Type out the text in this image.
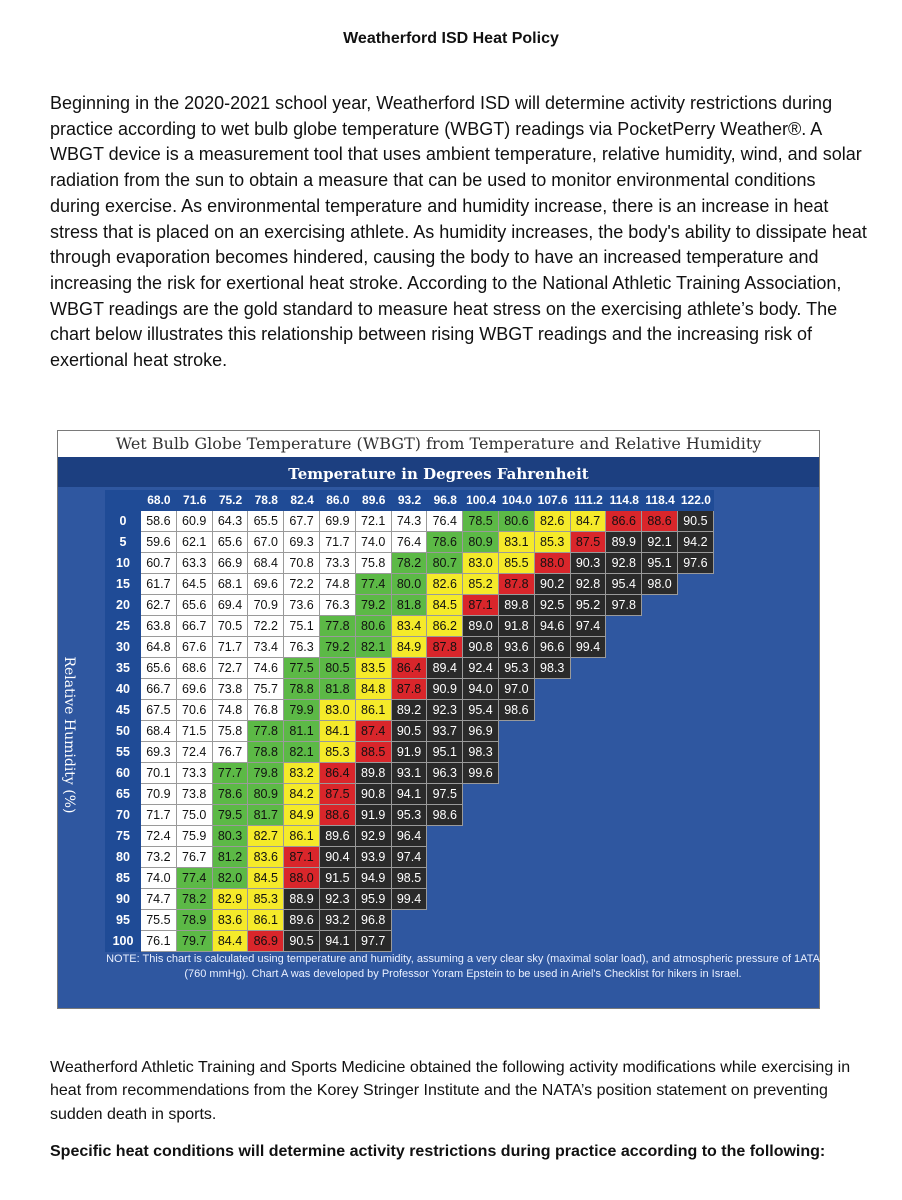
Weatherford ISD Heat Policy

Beginning in the 2020-2021 school year, Weatherford ISD will determine activity restrictions during practice according to wet bulb globe temperature (WBGT) readings via PocketPerry Weather®. A WBGT device is a measurement tool that uses ambient temperature, relative humidity, wind, and solar radiation from the sun to obtain a measure that can be used to monitor environmental conditions during exercise. As environmental temperature and humidity increase, there is an increase in heat stress that is placed on an exercising athlete. As humidity increases, the body's ability to dissipate heat through evaporation becomes hindered, causing the body to have an increased temperature and increasing the risk for exertional heat stroke. According to the National Athletic Training Association, WBGT readings are the gold standard to measure heat stress on the exercising athlete’s body. The chart below illustrates this relationship between rising WBGT readings and the increasing risk of exertional heat stroke.

Wet Bulb Globe Temperature (WBGT) from Temperature and Relative Humidity
Temperature in Degrees Fahrenheit
Relative Humidity (%)
68.0	71.6	75.2	78.8	82.4	86.0	89.6	93.2	96.8 100.4 104.0 107.6 111.2 114.8 118.4 122.0
0	58.6 60.9 64.3 65.5 67.7 69.9 72.1 74.3 76.4 78.5 80.6 82.6 84.7 86.6 88.6 90.5
5	59.6 62.1 65.6 67.0 69.3 71.7 74.0 76.4 78.6 80.9 83.1 85.3 87.5 89.9 92.1 94.2
10	60.7 63.3 66.9 68.4 70.8 73.3 75.8 78.2 80.7 83.0 85.5 88.0 90.3 92.8 95.1 97.6
15	61.7 64.5 68.1 69.6 72.2 74.8 77.4 80.0 82.6 85.2 87.8 90.2 92.8 95.4 98.0
20	62.7 65.6 69.4 70.9 73.6 76.3 79.2 81.8 84.5 87.1 89.8 92.5 95.2 97.8
25	63.8 66.7 70.5 72.2 75.1 77.8 80.6 83.4 86.2 89.0 91.8 94.6 97.4
30	64.8 67.6 71.7 73.4 76.3 79.2 82.1 84.9 87.8 90.8 93.6 96.6 99.4
35	65.6 68.6 72.7 74.6 77.5 80.5 83.5 86.4 89.4 92.4 95.3 98.3
40	66.7 69.6 73.8 75.7 78.8 81.8 84.8 87.8 90.9 94.0 97.0
45	67.5 70.6 74.8 76.8 79.9 83.0 86.1 89.2 92.3 95.4 98.6
50	68.4 71.5 75.8 77.8 81.1 84.1 87.4 90.5 93.7 96.9
55	69.3 72.4 76.7 78.8 82.1 85.3 88.5 91.9 95.1 98.3
60	70.1 73.3 77.7 79.8 83.2 86.4 89.8 93.1 96.3 99.6
65	70.9 73.8 78.6 80.9 84.2 87.5 90.8 94.1 97.5
70	71.7 75.0 79.5 81.7 84.9 88.6 91.9 95.3 98.6
75	72.4 75.9 80.3 82.7 86.1 89.6 92.9 96.4
80	73.2 76.7 81.2 83.6 87.1 90.4 93.9 97.4
85	74.0 77.4 82.0 84.5 88.0 91.5 94.9 98.5
90	74.7 78.2 82.9 85.3 88.9 92.3 95.9 99.4
95	75.5 78.9 83.6 86.1 89.6 93.2 96.8
100	76.1 79.7 84.4 86.9 90.5 94.1 97.7
NOTE: This chart is calculated using temperature and humidity, assuming a very clear sky (maximal solar load), and atmospheric pressure of 1ATA (760 mmHg). Chart A was developed by Professor Yoram Epstein to be used in Ariel's Checklist for hikers in Israel.

Weatherford Athletic Training and Sports Medicine obtained the following activity modifications while exercising in heat from recommendations from the Korey Stringer Institute and the NATA’s position statement on preventing sudden death in sports.

Specific heat conditions will determine activity restrictions during practice according to the following:
